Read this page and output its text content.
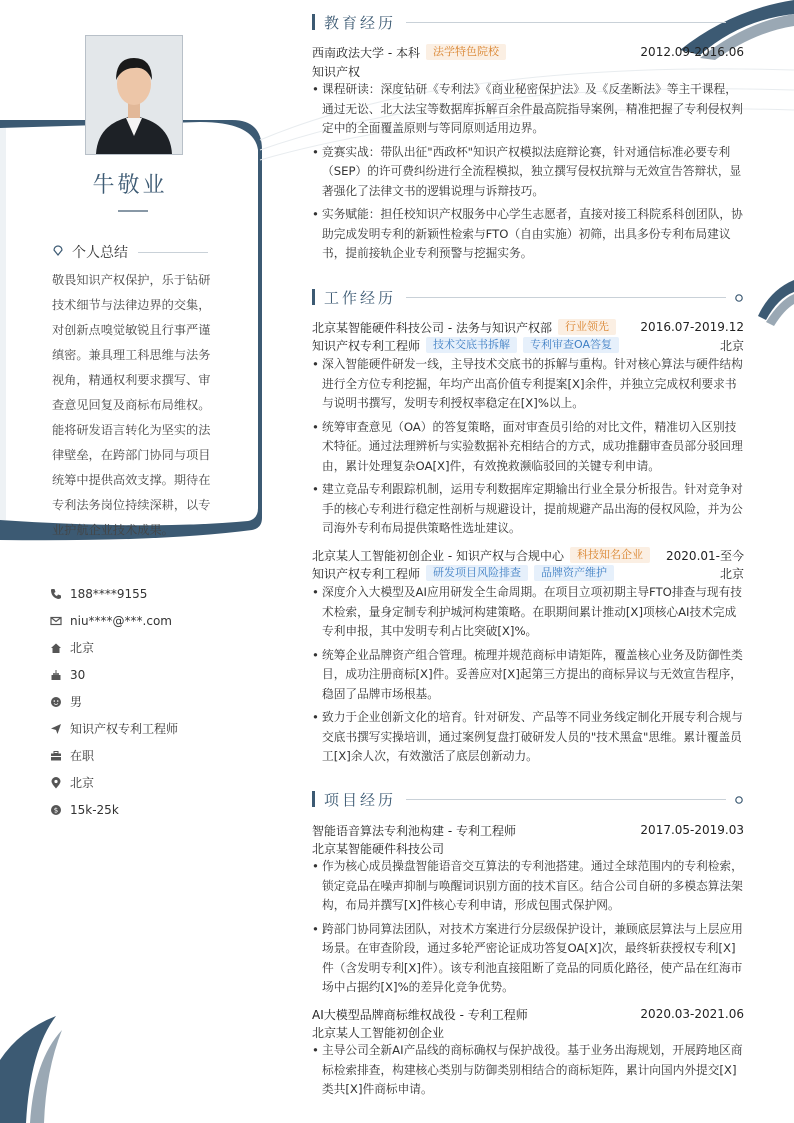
牛敬业
个人总结
敬畏知识产权保护，乐于钻研技术细节与法律边界的交集，对创新点嗅觉敏锐且行事严谨缜密。兼具理工科思维与法务视角，精通权利要求撰写、审查意见回复及商标布局维权。能将研发语言转化为坚实的法律壁垒，在跨部门协同与项目统筹中提供高效支撑。期待在专利法务岗位持续深耕，以专业护航企业技术成果。
188****9155
niu****@***.com
北京
30
男
知识产权专利工程师
在职
北京
$ 15k-25k
教育经历
西南政法大学 - 本科	法学特色院校	2012.09-2016.06
知识产权
• 课程研读：深度钻研《专利法》《商业秘密保护法》及《反垄断法》等主干课程，通过无讼、北大法宝等数据库拆解百余件最高院指导案例，精准把握了专利侵权判定中的全面覆盖原则与等同原则适用边界。
• 竞赛实战：带队出征"西政杯"知识产权模拟法庭辩论赛，针对通信标准必要专利（SEP）的许可费纠纷进行全流程模拟，独立撰写侵权抗辩与无效宣告答辩状，显著强化了法律文书的逻辑说理与诉辩技巧。
• 实务赋能：担任校知识产权服务中心学生志愿者，直接对接工科院系科创团队，协助完成发明专利的新颖性检索与FTO（自由实施）初筛，出具多份专利布局建议书，提前接轨企业专利预警与挖掘实务。
工作经历
北京某智能硬件科技公司 - 法务与知识产权部	行业领先	2016.07-2019.12
知识产权专利工程师	技术交底书拆解	专利审查OA答复	北京
• 深入智能硬件研发一线，主导技术交底书的拆解与重构。针对核心算法与硬件结构进行全方位专利挖掘，年均产出高价值专利提案[X]余件，并独立完成权利要求书与说明书撰写，发明专利授权率稳定在[X]%以上。
• 统筹审查意见（OA）的答复策略，面对审查员引给的对比文件，精准切入区别技术特征。通过法理辨析与实验数据补充相结合的方式，成功推翻审查员部分驳回理由，累计处理复杂OA[X]件，有效挽救濒临驳回的关键专利申请。
• 建立竞品专利跟踪机制，运用专利数据库定期输出行业全景分析报告。针对竞争对手的核心专利进行稳定性剖析与规避设计，提前规避产品出海的侵权风险，并为公司海外专利布局提供策略性选址建议。
北京某人工智能初创企业 - 知识产权与合规中心	科技知名企业	2020.01-至今
知识产权专利工程师	研发项目风险排查	品牌资产维护	北京
• 深度介入大模型及AI应用研发全生命周期。在项目立项初期主导FTO排查与现有技术检索，量身定制专利护城河构建策略。在职期间累计推动[X]项核心AI技术完成专利申报，其中发明专利占比突破[X]%。
• 统筹企业品牌资产组合管理。梳理并规范商标申请矩阵，覆盖核心业务及防御性类目，成功注册商标[X]件。妥善应对[X]起第三方提出的商标异议与无效宣告程序，稳固了品牌市场根基。
• 致力于企业创新文化的培育。针对研发、产品等不同业务线定制化开展专利合规与交底书撰写实操培训，通过案例复盘打破研发人员的"技术黑盒"思维。累计覆盖员工[X]余人次，有效激活了底层创新动力。
项目经历
智能语音算法专利池构建 - 专利工程师	2017.05-2019.03
北京某智能硬件科技公司
• 作为核心成员操盘智能语音交互算法的专利池搭建。通过全球范围内的专利检索，锁定竞品在噪声抑制与唤醒词识别方面的技术盲区。结合公司自研的多模态算法架构，布局并撰写[X]件核心专利申请，形成包围式保护网。
• 跨部门协同算法团队，对技术方案进行分层级保护设计，兼顾底层算法与上层应用场景。在审查阶段，通过多轮严密论证成功答复OA[X]次，最终斩获授权专利[X]件（含发明专利[X]件）。该专利池直接阻断了竞品的同质化路径，使产品在红海市场中占据约[X]%的差异化竞争优势。
AI大模型品牌商标维权战役 - 专利工程师	2020.03-2021.06
北京某人工智能初创企业
• 主导公司全新AI产品线的商标确权与保护战役。基于业务出海规划，开展跨地区商标检索排查，构建核心类别与防御类别相结合的商标矩阵，累计向国内外提交[X]类共[X]件商标申请。
